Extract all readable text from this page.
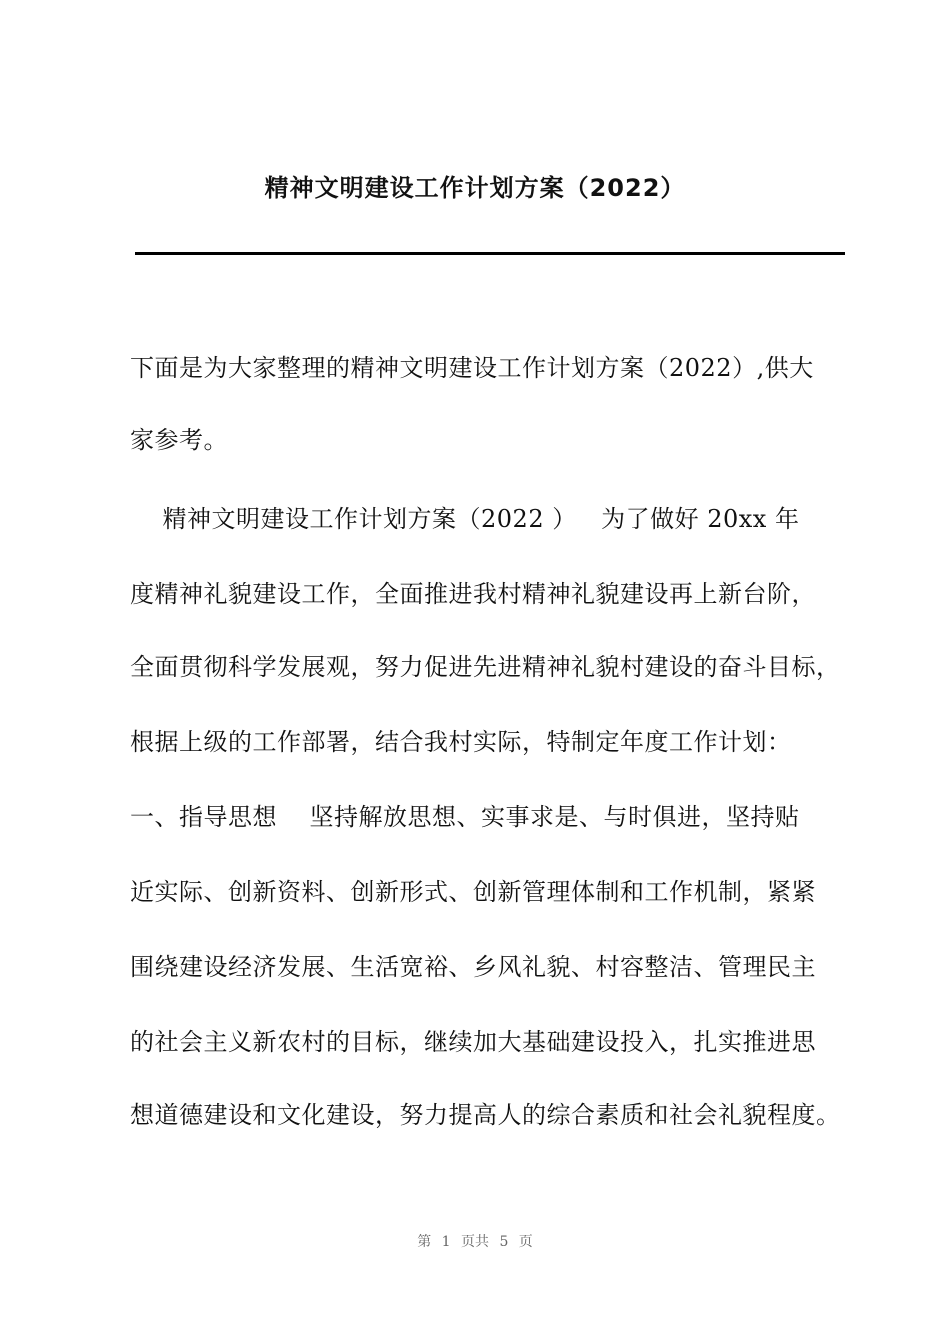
精神文明建设工作计划方案（2022）
下面是为大家整理的精神文明建设工作计划方案（2022）,供大
家参考。
精神文明建设工作计划方案（2022 ）   为了做好 20xx 年
度精神礼貌建设工作，全面推进我村精神礼貌建设再上新台阶，
全面贯彻科学发展观，努力促进先进精神礼貌村建设的奋斗目标，
根据上级的工作部署，结合我村实际，特制定年度工作计划：
一、指导思想    坚持解放思想、实事求是、与时俱进，坚持贴
近实际、创新资料、创新形式、创新管理体制和工作机制，紧紧
围绕建设经济发展、生活宽裕、乡风礼貌、村容整洁、管理民主
的社会主义新农村的目标，继续加大基础建设投入，扎实推进思
想道德建设和文化建设，努力提高人的综合素质和社会礼貌程度。
第 1 页共 5 页
